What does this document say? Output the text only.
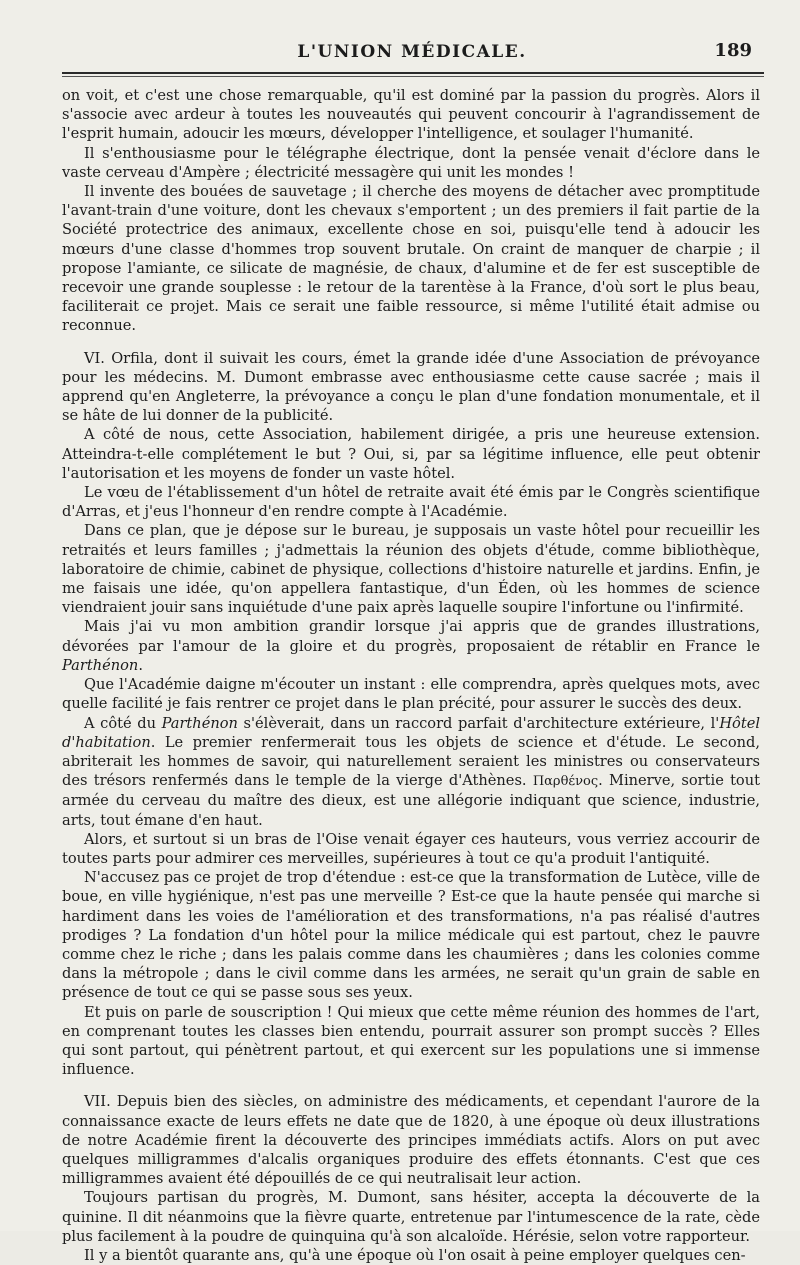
L'UNION MÉDICALE.	189

on voit, et c'est une chose remarquable, qu'il est dominé par la passion du progrès. Alors il s'associe avec ardeur à toutes les nouveautés qui peuvent concourir à l'agrandissement de l'esprit humain, adoucir les mœurs, développer l'intelligence, et soulager l'humanité.

Il s'enthousiasme pour le télégraphe électrique, dont la pensée venait d'éclore dans le vaste cerveau d'Ampère ; électricité messagère qui unit les mondes !

Il invente des bouées de sauvetage ; il cherche des moyens de détacher avec promptitude l'avant-train d'une voiture, dont les chevaux s'emportent ; un des premiers il fait partie de la Société protectrice des animaux, excellente chose en soi, puisqu'elle tend à adoucir les mœurs d'une classe d'hommes trop souvent brutale. On craint de manquer de charpie ; il propose l'amiante, ce silicate de magnésie, de chaux, d'alumine et de fer est susceptible de recevoir une grande souplesse : le retour de la tarentèse à la France, d'où sort le plus beau, faciliterait ce projet. Mais ce serait une faible ressource, si même l'utilité était admise ou reconnue.

VI. Orfila, dont il suivait les cours, émet la grande idée d'une Association de prévoyance pour les médecins. M. Dumont embrasse avec enthousiasme cette cause sacrée ; mais il apprend qu'en Angleterre, la prévoyance a conçu le plan d'une fondation monumentale, et il se hâte de lui donner de la publicité.

A côté de nous, cette Association, habilement dirigée, a pris une heureuse extension. Atteindra-t-elle complétement le but ? Oui, si, par sa légitime influence, elle peut obtenir l'autorisation et les moyens de fonder un vaste hôtel.

Le vœu de l'établissement d'un hôtel de retraite avait été émis par le Congrès scientifique d'Arras, et j'eus l'honneur d'en rendre compte à l'Académie.

Dans ce plan, que je dépose sur le bureau, je supposais un vaste hôtel pour recueillir les retraités et leurs familles ; j'admettais la réunion des objets d'étude, comme bibliothèque, laboratoire de chimie, cabinet de physique, collections d'histoire naturelle et jardins. Enfin, je me faisais une idée, qu'on appellera fantastique, d'un Éden, où les hommes de science viendraient jouir sans inquiétude d'une paix après laquelle soupire l'infortune ou l'infirmité.

Mais j'ai vu mon ambition grandir lorsque j'ai appris que de grandes illustrations, dévorées par l'amour de la gloire et du progrès, proposaient de rétablir en France le Parthénon.

Que l'Académie daigne m'écouter un instant : elle comprendra, après quelques mots, avec quelle facilité je fais rentrer ce projet dans le plan précité, pour assurer le succès des deux.

A côté du Parthénon s'élèverait, dans un raccord parfait d'architecture extérieure, l'Hôtel d'habitation. Le premier renfermerait tous les objets de science et d'étude. Le second, abriterait les hommes de savoir, qui naturellement seraient les ministres ou conservateurs des trésors renfermés dans le temple de la vierge d'Athènes. Παρθένος. Minerve, sortie tout armée du cerveau du maître des dieux, est une allégorie indiquant que science, industrie, arts, tout émane d'en haut.

Alors, et surtout si un bras de l'Oise venait égayer ces hauteurs, vous verriez accourir de toutes parts pour admirer ces merveilles, supérieures à tout ce qu'a produit l'antiquité.

N'accusez pas ce projet de trop d'étendue : est-ce que la transformation de Lutèce, ville de boue, en ville hygiénique, n'est pas une merveille ? Est-ce que la haute pensée qui marche si hardiment dans les voies de l'amélioration et des transformations, n'a pas réalisé d'autres prodiges ? La fondation d'un hôtel pour la milice médicale qui est partout, chez le pauvre comme chez le riche ; dans les palais comme dans les chaumières ; dans les colonies comme dans la métropole ; dans le civil comme dans les armées, ne serait qu'un grain de sable en présence de tout ce qui se passe sous ses yeux.

Et puis on parle de souscription ! Qui mieux que cette même réunion des hommes de l'art, en comprenant toutes les classes bien entendu, pourrait assurer son prompt succès ? Elles qui sont partout, qui pénètrent partout, et qui exercent sur les populations une si immense influence.

VII. Depuis bien des siècles, on administre des médicaments, et cependant l'aurore de la connaissance exacte de leurs effets ne date que de 1820, à une époque où deux illustrations de notre Académie firent la découverte des principes immédiats actifs. Alors on put avec quelques milligrammes d'alcalis organiques produire des effets étonnants. C'est que ces milligrammes avaient été dépouillés de ce qui neutralisait leur action.

Toujours partisan du progrès, M. Dumont, sans hésiter, accepta la découverte de la quinine. Il dit néanmoins que la fièvre quarte, entretenue par l'intumescence de la rate, cède plus facilement à la poudre de quinquina qu'à son alcaloïde. Hérésie, selon votre rapporteur.

Il y a bientôt quarante ans, qu'à une époque où l'on osait à peine employer quelques cen-
